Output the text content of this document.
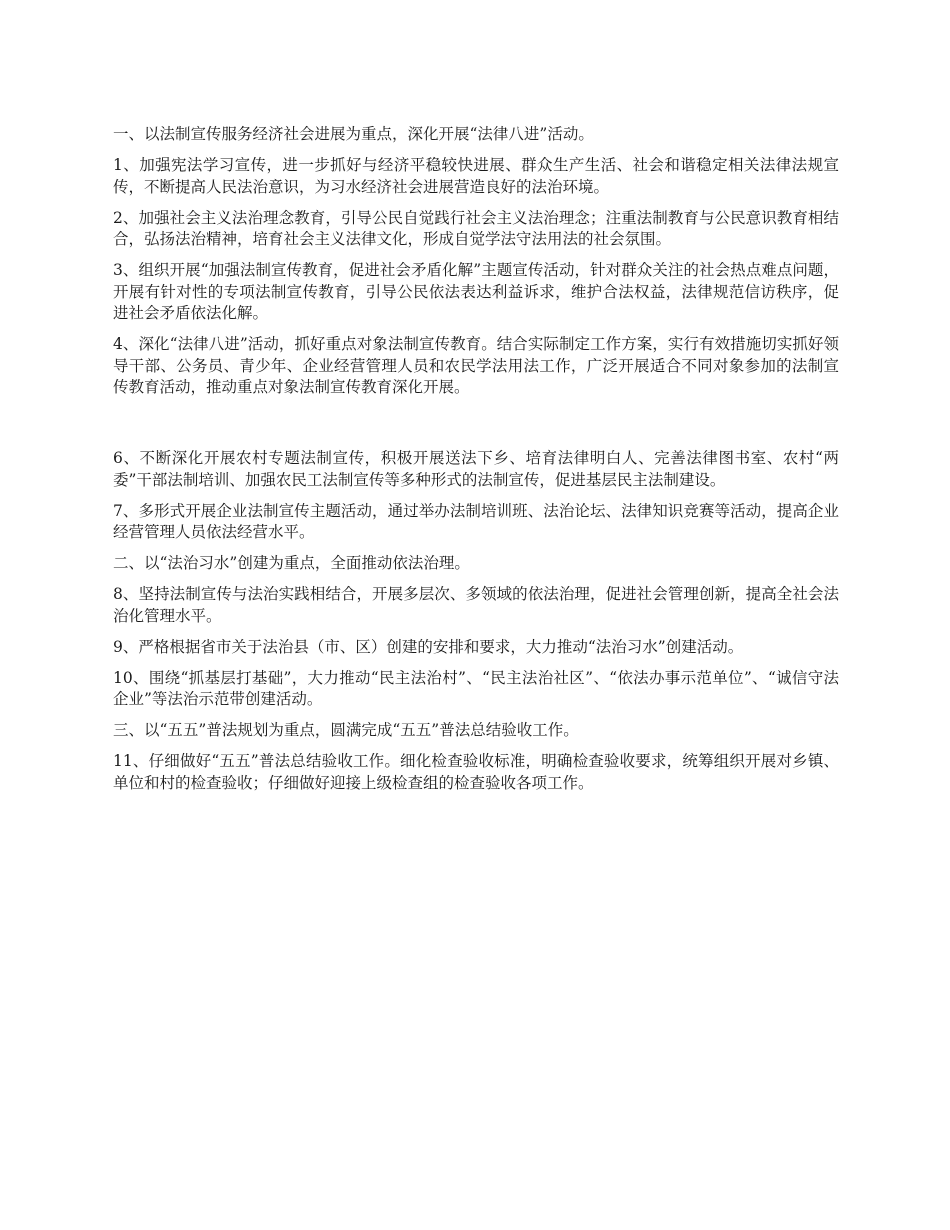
一、以法制宣传服务经济社会进展为重点，深化开展“法律八进”活动。

1、加强宪法学习宣传，进一步抓好与经济平稳较快进展、群众生产生活、社会和谐稳定相关法律法规宣传，不断提高人民法治意识，为习水经济社会进展营造良好的法治环境。

2、加强社会主义法治理念教育，引导公民自觉践行社会主义法治理念；注重法制教育与公民意识教育相结合，弘扬法治精神，培育社会主义法律文化，形成自觉学法守法用法的社会氛围。

3、组织开展“加强法制宣传教育，促进社会矛盾化解”主题宣传活动，针对群众关注的社会热点难点问题，开展有针对性的专项法制宣传教育，引导公民依法表达利益诉求，维护合法权益，法律规范信访秩序，促进社会矛盾依法化解。

4、深化“法律八进”活动，抓好重点对象法制宣传教育。结合实际制定工作方案，实行有效措施切实抓好领导干部、公务员、青少年、企业经营管理人员和农民学法用法工作，广泛开展适合不同对象参加的法制宣传教育活动，推动重点对象法制宣传教育深化开展。

6、不断深化开展农村专题法制宣传，积极开展送法下乡、培育法律明白人、完善法律图书室、农村“两委”干部法制培训、加强农民工法制宣传等多种形式的法制宣传，促进基层民主法制建设。

7、多形式开展企业法制宣传主题活动，通过举办法制培训班、法治论坛、法律知识竞赛等活动，提高企业经营管理人员依法经营水平。

二、以“法治习水”创建为重点，全面推动依法治理。

8、坚持法制宣传与法治实践相结合，开展多层次、多领域的依法治理，促进社会管理创新，提高全社会法治化管理水平。

9、严格根据省市关于法治县（市、区）创建的安排和要求，大力推动“法治习水”创建活动。

10、围绕“抓基层打基础”，大力推动“民主法治村”、“民主法治社区”、“依法办事示范单位”、“诚信守法企业”等法治示范带创建活动。

三、以“五五”普法规划为重点，圆满完成“五五”普法总结验收工作。

11、仔细做好“五五”普法总结验收工作。细化检查验收标准，明确检查验收要求，统筹组织开展对乡镇、单位和村的检查验收；仔细做好迎接上级检查组的检查验收各项工作。
